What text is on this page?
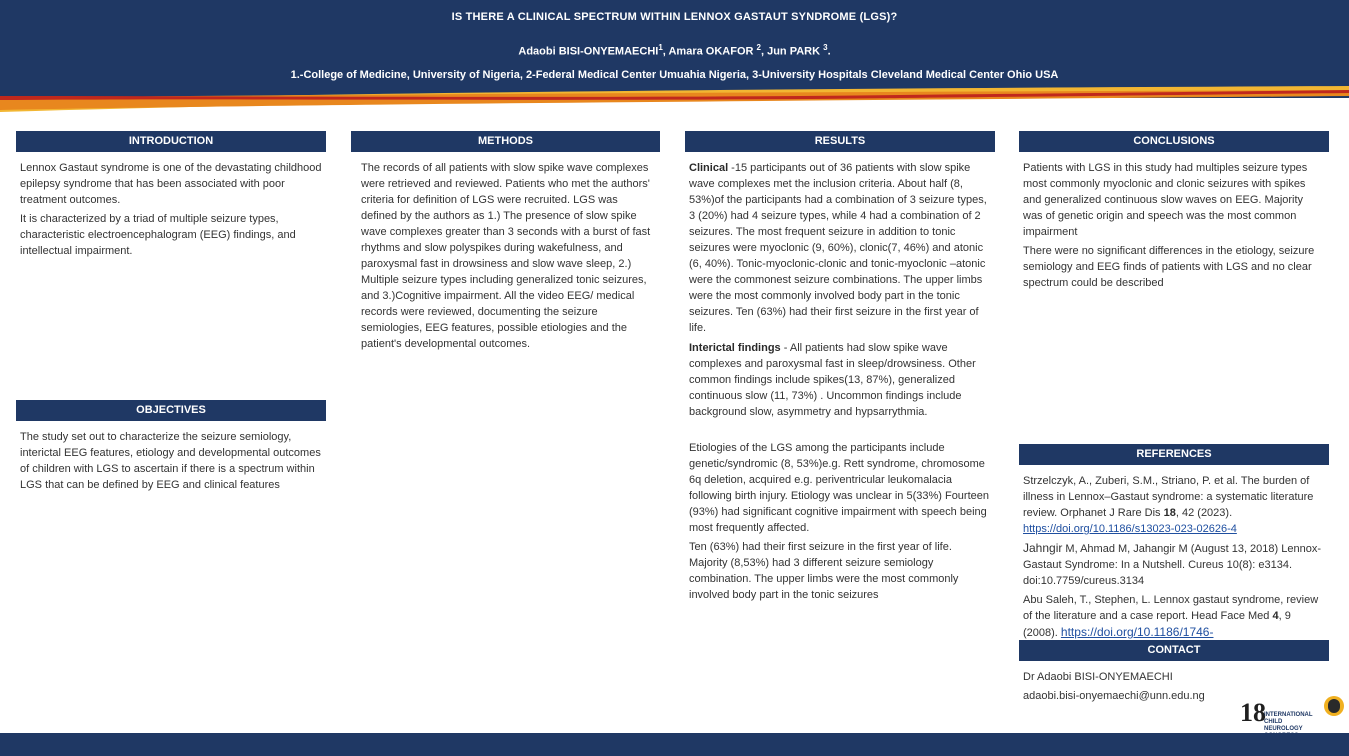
IS THERE A CLINICAL SPECTRUM WITHIN LENNOX GASTAUT SYNDROME (LGS)?
Adaobi BISI-ONYEMAECHI$^1$, Amara OKAFOR $^2$, Jun PARK $^3$.
1.-College of Medicine, University of Nigeria, 2-Federal Medical Center Umuahia Nigeria, 3-University Hospitals Cleveland Medical Center Ohio USA
INTRODUCTION

Lennox Gastaut syndrome is one of the devastating childhood epilepsy syndrome that has been associated with poor treatment outcomes.

It is characterized by a triad of multiple seizure types, characteristic electroencephalogram (EEG) findings, and intellectual impairment.

OBJECTIVES

The study set out to characterize the seizure semiology, interictal EEG features, etiology and developmental outcomes of children with LGS to ascertain if there is a spectrum within LGS that can be defined by EEG and clinical features

METHODS

The records of all patients with slow spike wave complexes were retrieved and reviewed. Patients who met the authors' criteria for definition of LGS were recruited. LGS was defined by the authors as 1.) The presence of slow spike wave complexes greater than 3 seconds with a burst of fast rhythms and slow polyspikes during wakefulness, and paroxysmal fast in drowsiness and slow wave sleep, 2.) Multiple seizure types including generalized tonic seizures, and 3.)Cognitive impairment. All the video EEG/ medical records were reviewed, documenting the seizure semiologies, EEG features, possible etiologies and the patient's developmental outcomes.

RESULTS

Clinical -15 participants out of 36 patients with slow spike wave complexes met the inclusion criteria. About half (8, 53%)of the participants had a combination of 3 seizure types, 3 (20%) had 4 seizure types, while 4 had a combination of 2 seizures. The most frequent seizure in addition to tonic seizures were myoclonic (9, 60%), clonic(7, 46%) and atonic (6, 40%). Tonic-myoclonic-clonic and tonic-myoclonic –atonic were the commonest seizure combinations. The upper limbs were the most commonly involved body part in the tonic seizures. Ten (63%) had their first seizure in the first year of life.

Interictal findings - All patients had slow spike wave complexes and paroxysmal fast in sleep/drowsiness. Other common findings include spikes(13, 87%), generalized continuous slow (11, 73%) . Uncommon findings include background slow, asymmetry and hypsarrythmia.

Etiologies of the LGS among the participants include genetic/syndromic (8, 53%)e.g. Rett syndrome, chromosome 6q deletion, acquired e.g. periventricular leukomalacia following birth injury. Etiology was unclear in 5(33%) Fourteen (93%) had significant cognitive impairment with speech being most frequently affected.

Ten (63%) had their first seizure in the first year of life. Majority (8,53%) had 3 different seizure semiology combination. The upper limbs were the most commonly involved body part in the tonic seizures

CONCLUSIONS

Patients with LGS in this study had multiples seizure types most commonly myoclonic and clonic seizures with spikes and generalized continuous slow waves on EEG. Majority was of genetic origin and speech was the most common impairment

There were no significant differences in the etiology, seizure semiology and EEG finds of patients with LGS and no clear spectrum could be described

REFERENCES

Strzelczyk, A., Zuberi, S.M., Striano, P. et al. The burden of illness in Lennox–Gastaut syndrome: a systematic literature review. Orphanet J Rare Dis 18, 42 (2023). https://doi.org/10.1186/s13023-023-02626-4

Jahngir M, Ahmad M, Jahangir M (August 13, 2018) Lennox-Gastaut Syndrome: In a Nutshell. Cureus 10(8): e3134. doi:10.7759/cureus.3134

Abu Saleh, T., Stephen, L. Lennox gastaut syndrome, review of the literature and a case report. Head Face Med 4, 9 (2008). https://doi.org/10.1186/1746-

CONTACT

Dr Adaobi BISI-ONYEMAECHI

adaobi.bisi-onyemaechi@unn.edu.ng

18
INTERNATIONAL CHILD
NEUROLOGY
